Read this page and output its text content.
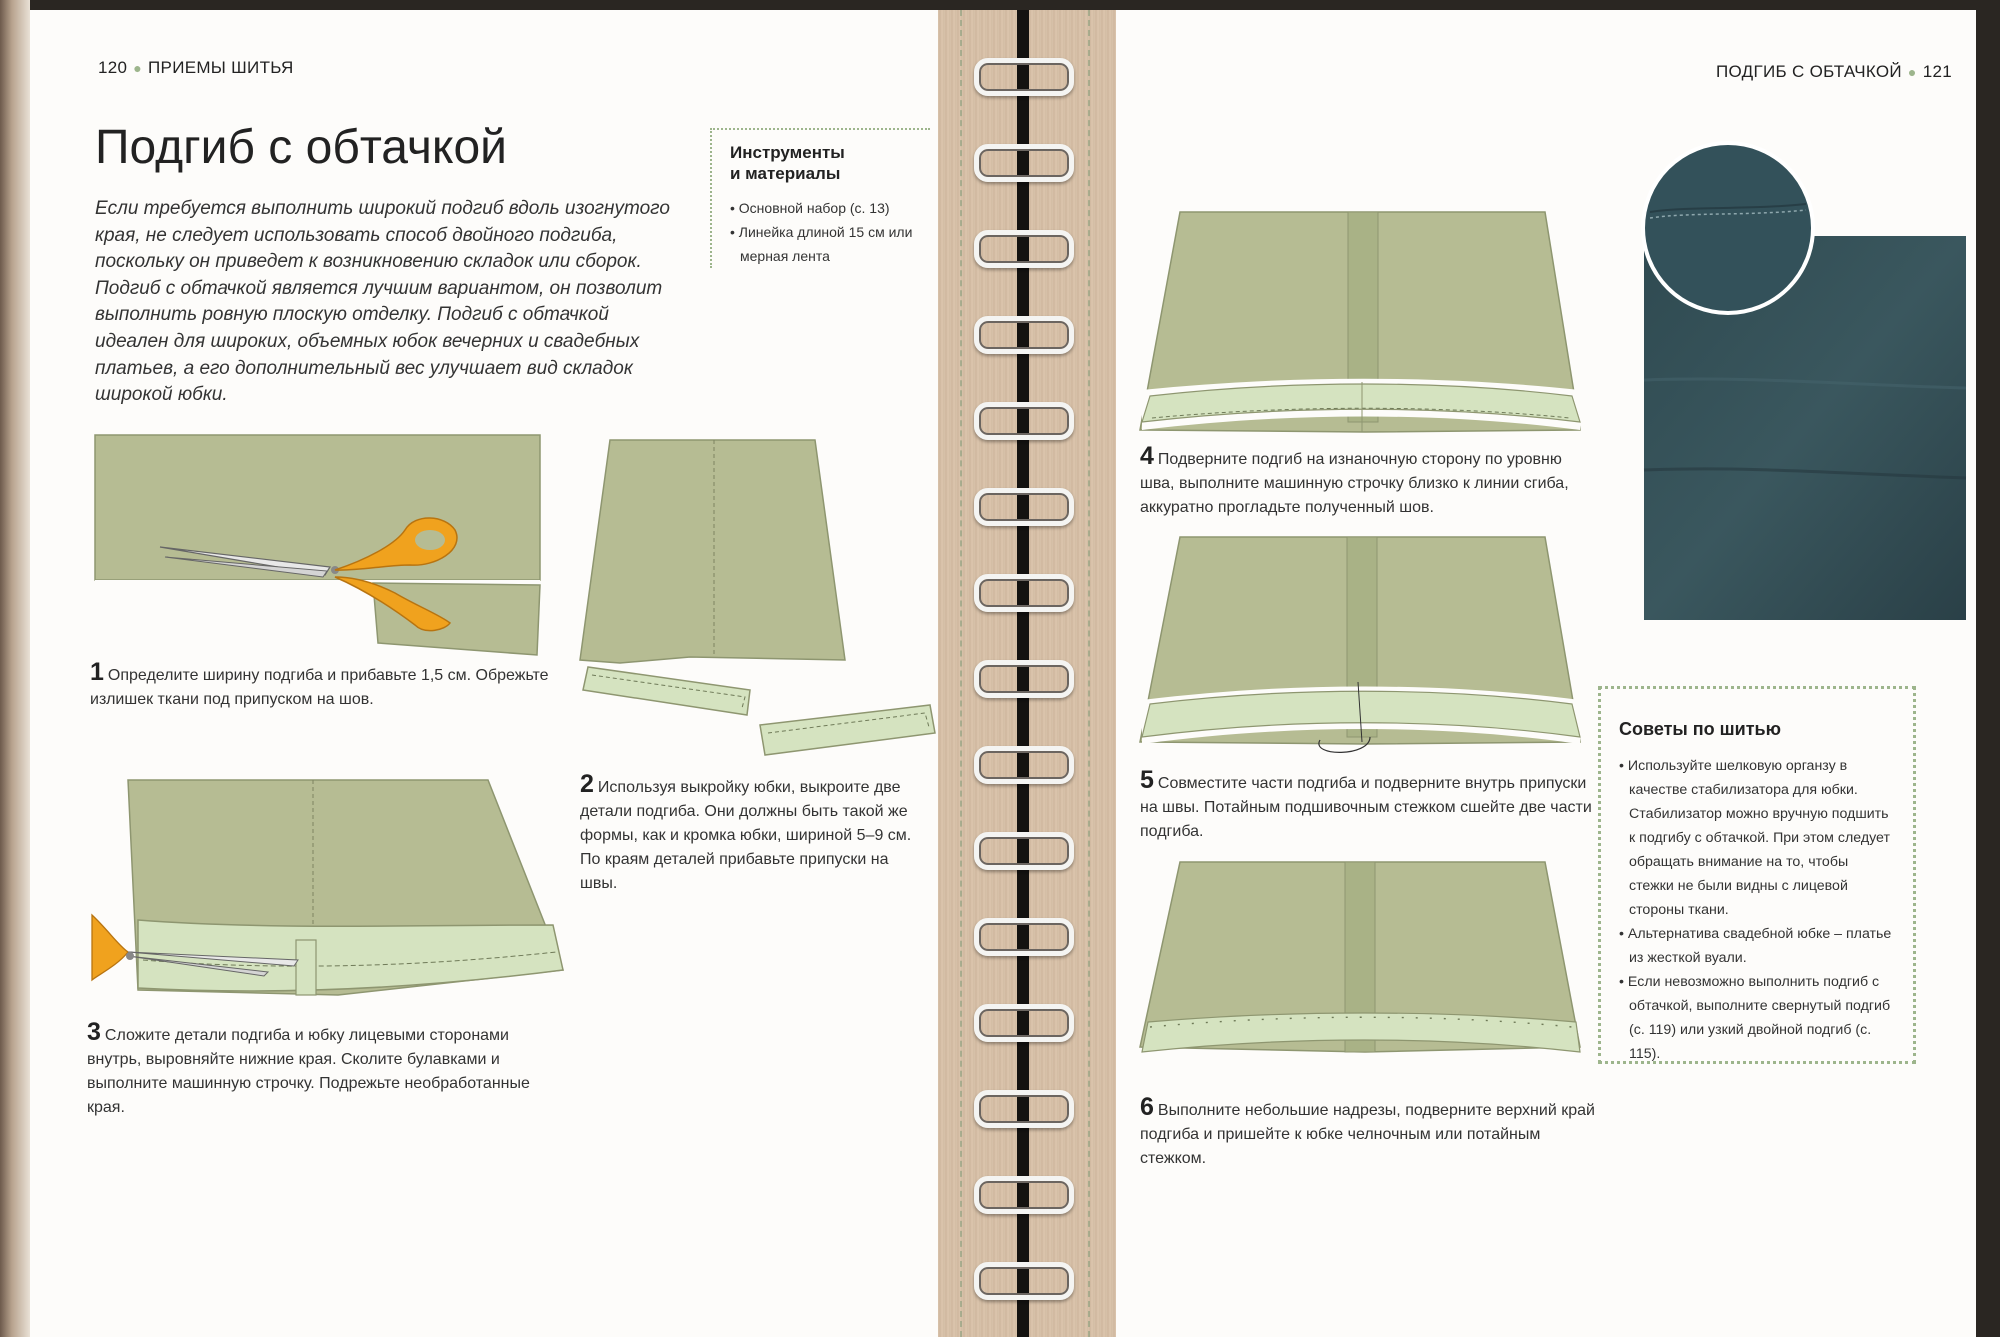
120 ● ПРИЕМЫ ШИТЬЯ
Подгиб с обтачкой
Если требуется выполнить широкий подгиб вдоль изогнутого края, не следует использовать способ двойного подгиба, поскольку он приведет к возникновению складок или сборок. Подгиб с обтачкой является лучшим вариантом, он позволит выполнить ровную плоскую отделку. Подгиб с обтачкой идеален для широких, объемных юбок вечерних и свадебных платьев, а его дополнительный вес улучшает вид складок широкой юбки.
Инструменты
и материалы
• Основной набор (с. 13)
• Линейка длиной 15 см или мерная лента
1 Определите ширину подгиба и прибавьте 1,5 см. Обрежьте излишек ткани под припуском на шов.
2 Используя выкройку юбки, выкроите две детали подгиба. Они должны быть такой же формы, как и кромка юбки, шириной 5–9 см. По краям деталей прибавьте припуски на швы.
3 Сложите детали подгиба и юбку лицевыми сторонами внутрь, выровняйте нижние края. Сколите булавками и выполните машинную строчку. Подрежьте необработанные края.
ПОДГИБ С ОБТАЧКОЙ ● 121
4 Подверните подгиб на изнаночную сторону по уровню шва, выполните машинную строчку близко к линии сгиба, аккуратно прогладьте полученный шов.
5 Совместите части подгиба и подверните внутрь припуски на швы. Потайным подшивочным стежком сшейте две части подгиба.
6 Выполните небольшие надрезы, подверните верхний край подгиба и пришейте к юбке челночным или потайным стежком.
Советы по шитью
• Используйте шелковую органзу в качестве стабилизатора для юбки. Стабилизатор можно вручную подшить к подгибу с обтачкой. При этом следует обращать внимание на то, чтобы стежки не были видны с лицевой стороны ткани.
• Альтернатива свадебной юбке – платье из жесткой вуали.
• Если невозможно выполнить подгиб с обтачкой, выполните свернутый подгиб (с. 119) или узкий двойной подгиб (с. 115).
